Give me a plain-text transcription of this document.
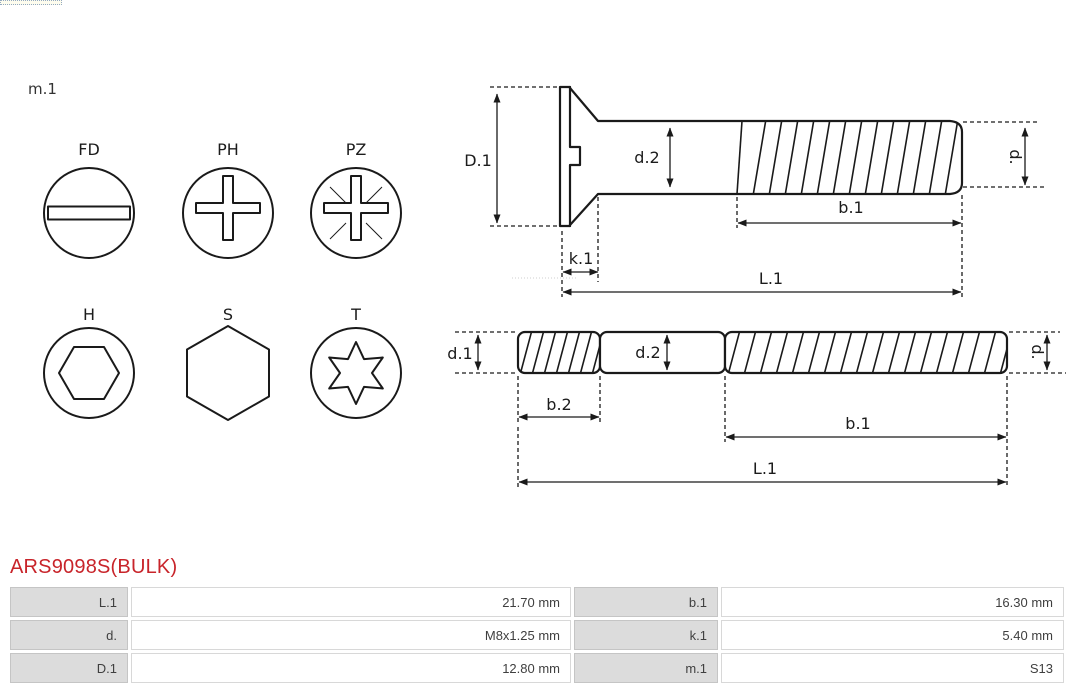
m.1
FD	PH	PZ
H	S	T
D.1	d.2	d.
k.1
b.1
L.1
d.1	d.2	d.
b.2
b.1
L.1
ARS9098S(BULK)
L.1	21.70 mm	b.1	16.30 mm
d.	M8x1.25 mm	k.1	5.40 mm
D.1	12.80 mm	m.1	S13
